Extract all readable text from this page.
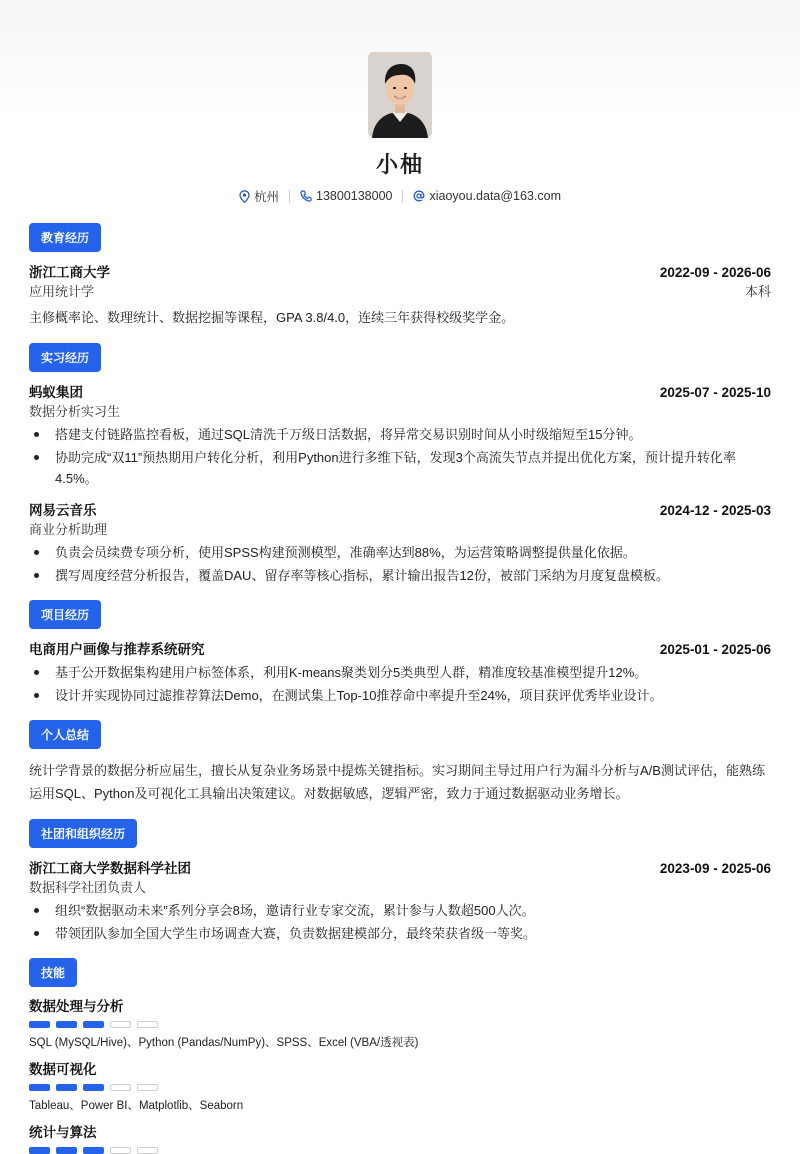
小柚
杭州	13800138000	xiaoyou.data@163.com
教育经历
浙江工商大学	2022-09 - 2026-06
应用统计学	本科
主修概率论、数理统计、数据挖掘等课程，GPA 3.8/4.0，连续三年获得校级奖学金。
实习经历
蚂蚁集团	2025-07 - 2025-10
数据分析实习生
搭建支付链路监控看板，通过SQL清洗千万级日活数据，将异常交易识别时间从小时级缩短至15分钟。
协助完成“双11”预热期用户转化分析，利用Python进行多维下钻，发现3个高流失节点并提出优化方案，预计提升转化率4.5%。
网易云音乐	2024-12 - 2025-03
商业分析助理
负责会员续费专项分析，使用SPSS构建预测模型，准确率达到88%，为运营策略调整提供量化依据。
撰写周度经营分析报告，覆盖DAU、留存率等核心指标，累计输出报告12份，被部门采纳为月度复盘模板。
项目经历
电商用户画像与推荐系统研究	2025-01 - 2025-06
基于公开数据集构建用户标签体系，利用K-means聚类划分5类典型人群，精准度较基准模型提升12%。
设计并实现协同过滤推荐算法Demo，在测试集上Top-10推荐命中率提升至24%，项目获评优秀毕业设计。
个人总结
统计学背景的数据分析应届生，擅长从复杂业务场景中提炼关键指标。实习期间主导过用户行为漏斗分析与A/B测试评估，能熟练运用SQL、Python及可视化工具输出决策建议。对数据敏感，逻辑严密，致力于通过数据驱动业务增长。
社团和组织经历
浙江工商大学数据科学社团	2023-09 - 2025-06
数据科学社团负责人
组织“数据驱动未来”系列分享会8场，邀请行业专家交流，累计参与人数超500人次。
带领团队参加全国大学生市场调查大赛，负责数据建模部分，最终荣获省级一等奖。
技能
数据处理与分析
SQL (MySQL/Hive)、Python (Pandas/NumPy)、SPSS、Excel (VBA/透视表)
数据可视化
Tableau、Power BI、Matplotlib、Seaborn
统计与算法
